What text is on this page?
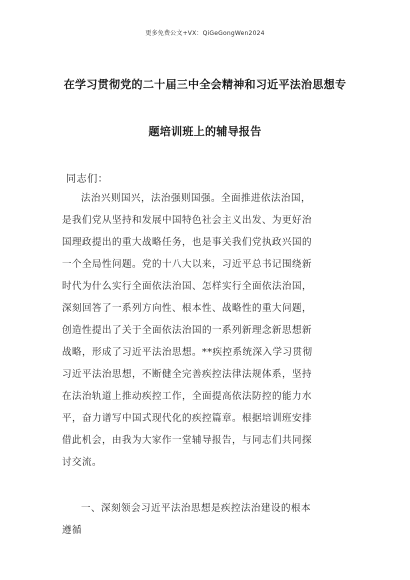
更多免费公文+VX：QiGeGongWen2024
在学习贯彻党的二十届三中全会精神和习近平法治思想专
题培训班上的辅导报告
同志们：
法治兴则国兴，法治强则国强。全面推进依法治国，
是我们党从坚持和发展中国特色社会主义出发、为更好治
国理政提出的重大战略任务，也是事关我们党执政兴国的
一个全局性问题。党的十八大以来，习近平总书记围绕新
时代为什么实行全面依法治国、怎样实行全面依法治国，
深刻回答了一系列方向性、根本性、战略性的重大问题，
创造性提出了关于全面依法治国的一系列新理念新思想新
战略，形成了习近平法治思想。**疾控系统深入学习贯彻
习近平法治思想，不断健全完善疾控法律法规体系，坚持
在法治轨道上推动疾控工作，全面提高依法防控的能力水
平，奋力谱写中国式现代化的疾控篇章。根据培训班安排
借此机会，由我为大家作一堂辅导报告，与同志们共同探
讨交流。
一、深刻领会习近平法治思想是疾控法治建设的根本
遵循
